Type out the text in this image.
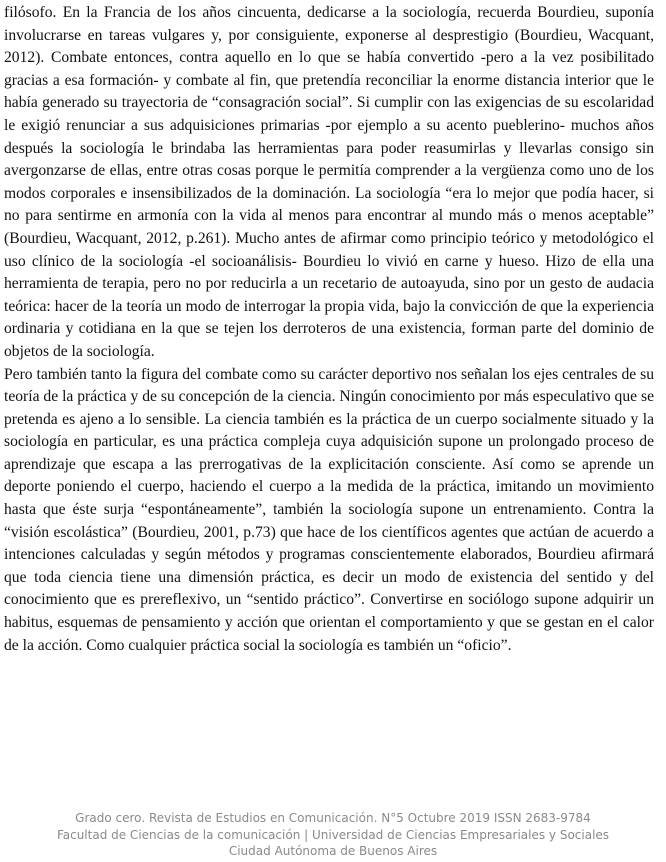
filósofo. En la Francia de los años cincuenta, dedicarse a la sociología, recuerda Bourdieu, suponía involucrarse en tareas vulgares y, por consiguiente, exponerse al desprestigio (Bourdieu, Wacquant, 2012). Combate entonces, contra aquello en lo que se había convertido -pero a la vez posibilitado gracias a esa formación- y combate al fin, que pretendía reconciliar la enorme distancia interior que le había generado su trayectoria de “consagración social”. Si cumplir con las exigencias de su escolaridad le exigió renunciar a sus adquisiciones primarias -por ejemplo a su acento pueblerino- muchos años después la sociología le brindaba las herramientas para poder reasumirlas y llevarlas consigo sin avergonzarse de ellas, entre otras cosas porque le permitía comprender a la vergüenza como uno de los modos corporales e insensibilizados de la dominación. La sociología “era lo mejor que podía hacer, si no para sentirme en armonía con la vida al menos para encontrar al mundo más o menos aceptable” (Bourdieu, Wacquant, 2012, p.261). Mucho antes de afirmar como principio teórico y metodológico el uso clínico de la sociología -el socioanálisis- Bourdieu lo vivió en carne y hueso. Hizo de ella una herramienta de terapia, pero no por reducirla a un recetario de autoayuda, sino por un gesto de audacia teórica: hacer de la teoría un modo de interrogar la propia vida, bajo la convicción de que la experiencia ordinaria y cotidiana en la que se tejen los derroteros de una existencia, forman parte del dominio de objetos de la sociología.

Pero también tanto la figura del combate como su carácter deportivo nos señalan los ejes centrales de su teoría de la práctica y de su concepción de la ciencia. Ningún conocimiento por más especulativo que se pretenda es ajeno a lo sensible. La ciencia también es la práctica de un cuerpo socialmente situado y la sociología en particular, es una práctica compleja cuya adquisición supone un prolongado proceso de aprendizaje que escapa a las prerrogativas de la explicitación consciente. Así como se aprende un deporte poniendo el cuerpo, haciendo el cuerpo a la medida de la práctica, imitando un movimiento hasta que éste surja “espontáneamente”, también la sociología supone un entrenamiento. Contra la “visión escolástica” (Bourdieu, 2001, p.73) que hace de los científicos agentes que actúan de acuerdo a intenciones calculadas y según métodos y programas conscientemente elaborados, Bourdieu afirmará que toda ciencia tiene una dimensión práctica, es decir un modo de existencia del sentido y del conocimiento que es prereflexivo, un “sentido práctico”. Convertirse en sociólogo supone adquirir un habitus, esquemas de pensamiento y acción que orientan el comportamiento y que se gestan en el calor de la acción. Como cualquier práctica social la sociología es también un “oficio”.

Grado cero. Revista de Estudios en Comunicación. N°5 Octubre 2019 ISSN 2683-9784
Facultad de Ciencias de la comunicación | Universidad de Ciencias Empresariales y Sociales
Ciudad Autónoma de Buenos Aires
